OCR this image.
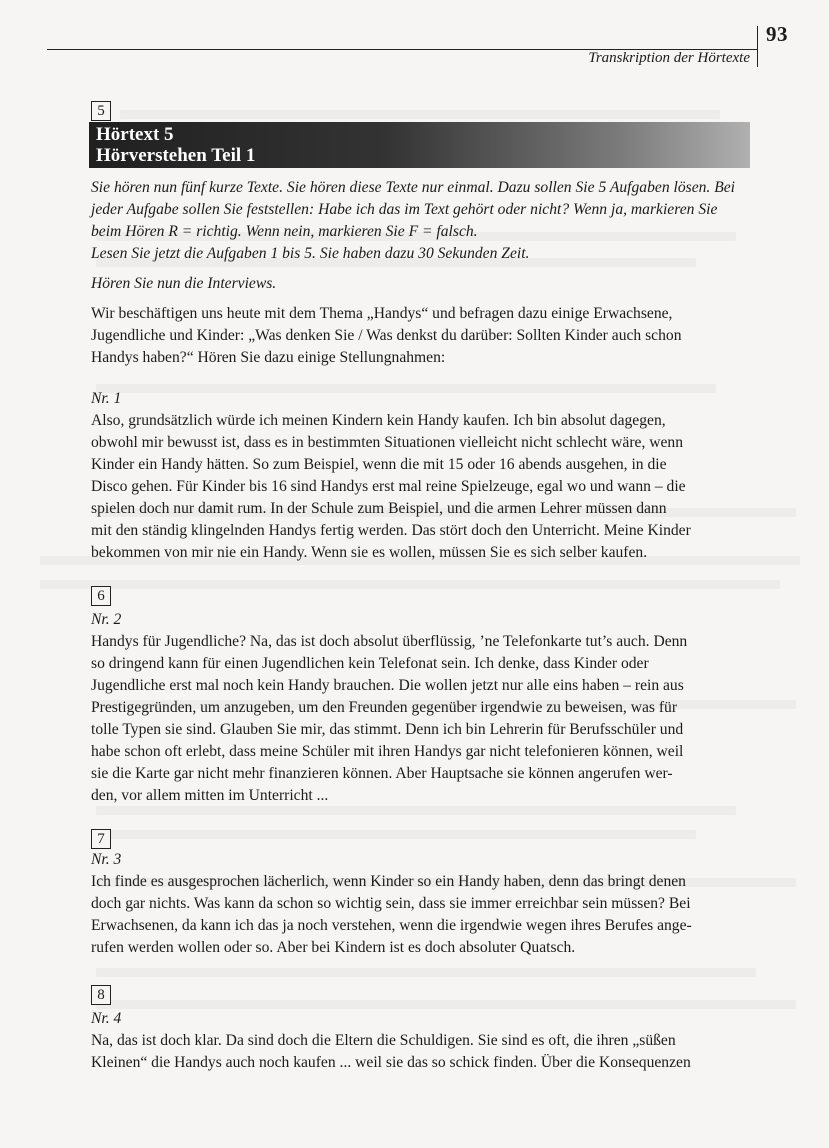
93
Transkription der Hörtexte
5
Hörtext 5
Hörverstehen Teil 1

Sie hören nun fünf kurze Texte. Sie hören diese Texte nur einmal. Dazu sollen Sie 5 Aufgaben lösen. Bei

jeder Aufgabe sollen Sie feststellen: Habe ich das im Text gehört oder nicht? Wenn ja, markieren Sie

beim Hören R = richtig. Wenn nein, markieren Sie F = falsch.

Lesen Sie jetzt die Aufgaben 1 bis 5. Sie haben dazu 30 Sekunden Zeit.

Hören Sie nun die Interviews.

Wir beschäftigen uns heute mit dem Thema „Handys“ und befragen dazu einige Erwachsene,

Jugendliche und Kinder: „Was denken Sie / Was denkst du darüber: Sollten Kinder auch schon

Handys haben?“ Hören Sie dazu einige Stellungnahmen:

Nr. 1

Also, grundsätzlich würde ich meinen Kindern kein Handy kaufen. Ich bin absolut dagegen,

obwohl mir bewusst ist, dass es in bestimmten Situationen vielleicht nicht schlecht wäre, wenn

Kinder ein Handy hätten. So zum Beispiel, wenn die mit 15 oder 16 abends ausgehen, in die

Disco gehen. Für Kinder bis 16 sind Handys erst mal reine Spielzeuge, egal wo und wann – die

spielen doch nur damit rum. In der Schule zum Beispiel, und die armen Lehrer müssen dann

mit den ständig klingelnden Handys fertig werden. Das stört doch den Unterricht. Meine Kinder

bekommen von mir nie ein Handy. Wenn sie es wollen, müssen Sie es sich selber kaufen.

6

Nr. 2

Handys für Jugendliche? Na, das ist doch absolut überflüssig, ’ne Telefonkarte tut’s auch. Denn

so dringend kann für einen Jugendlichen kein Telefonat sein. Ich denke, dass Kinder oder

Jugendliche erst mal noch kein Handy brauchen. Die wollen jetzt nur alle eins haben – rein aus

Prestigegründen, um anzugeben, um den Freunden gegenüber irgendwie zu beweisen, was für

tolle Typen sie sind. Glauben Sie mir, das stimmt. Denn ich bin Lehrerin für Berufsschüler und

habe schon oft erlebt, dass meine Schüler mit ihren Handys gar nicht telefonieren können, weil

sie die Karte gar nicht mehr finanzieren können. Aber Hauptsache sie können angerufen wer-

den, vor allem mitten im Unterricht ...

7

Nr. 3

Ich finde es ausgesprochen lächerlich, wenn Kinder so ein Handy haben, denn das bringt denen

doch gar nichts. Was kann da schon so wichtig sein, dass sie immer erreichbar sein müssen? Bei

Erwachsenen, da kann ich das ja noch verstehen, wenn die irgendwie wegen ihres Berufes ange-

rufen werden wollen oder so. Aber bei Kindern ist es doch absoluter Quatsch.

8

Nr. 4

Na, das ist doch klar. Da sind doch die Eltern die Schuldigen. Sie sind es oft, die ihren „süßen

Kleinen“ die Handys auch noch kaufen ... weil sie das so schick finden. Über die Konsequenzen
